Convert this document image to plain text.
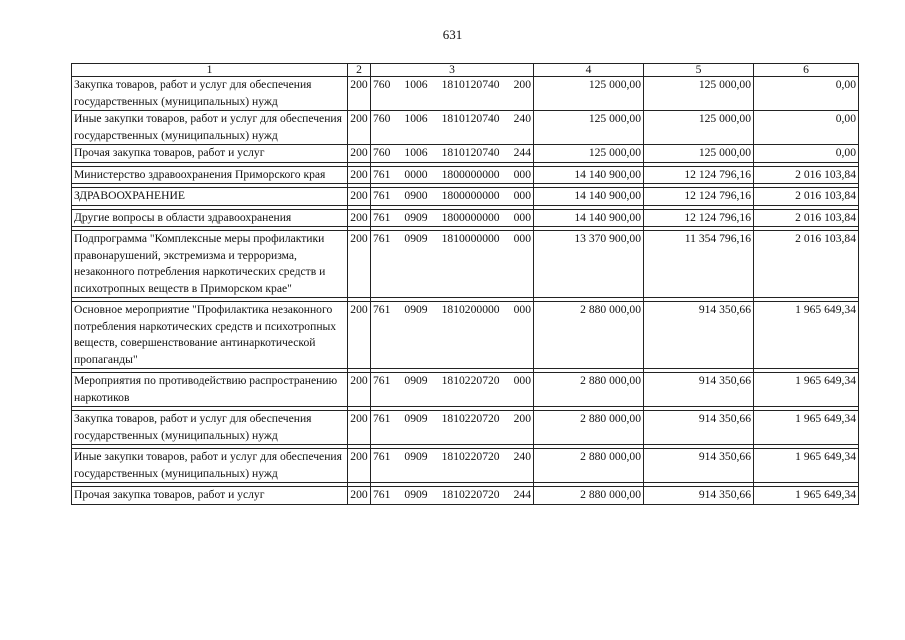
631
1	2	3	4	5	6
Закупка товаров, работ и услуг для обеспечения государственных (муниципальных) нужд	200	760 1006 1810120740 200	125 000,00	125 000,00	0,00
Иные закупки товаров, работ и услуг для обеспечения государственных (муниципальных) нужд	200	760 1006 1810120740 240	125 000,00	125 000,00	0,00
Прочая закупка товаров, работ и услуг	200	760 1006 1810120740 244	125 000,00	125 000,00	0,00

Министерство здравоохранения Приморского края	200	761 0000 1800000000 000	14 140 900,00	12 124 796,16	2 016 103,84

ЗДРАВООХРАНЕНИЕ	200	761 0900 1800000000 000	14 140 900,00	12 124 796,16	2 016 103,84

Другие вопросы в области здравоохранения	200	761 0909 1800000000 000	14 140 900,00	12 124 796,16	2 016 103,84

Подпрограмма "Комплексные меры профилактики правонарушений, экстремизма и терроризма, незаконного потребления наркотических средств и психотропных веществ в Приморском крае"	200	761 0909 1810000000 000	13 370 900,00	11 354 796,16	2 016 103,84

Основное мероприятие "Профилактика незаконного потребления наркотических средств и психотропных веществ, совершенствование антинаркотической пропаганды"	200	761 0909 1810200000 000	2 880 000,00	914 350,66	1 965 649,34

Мероприятия по противодействию распространению наркотиков	200	761 0909 1810220720 000	2 880 000,00	914 350,66	1 965 649,34

Закупка товаров, работ и услуг для обеспечения государственных (муниципальных) нужд	200	761 0909 1810220720 200	2 880 000,00	914 350,66	1 965 649,34

Иные закупки товаров, работ и услуг для обеспечения государственных (муниципальных) нужд	200	761 0909 1810220720 240	2 880 000,00	914 350,66	1 965 649,34

Прочая закупка товаров, работ и услуг	200	761 0909 1810220720 244	2 880 000,00	914 350,66	1 965 649,34
